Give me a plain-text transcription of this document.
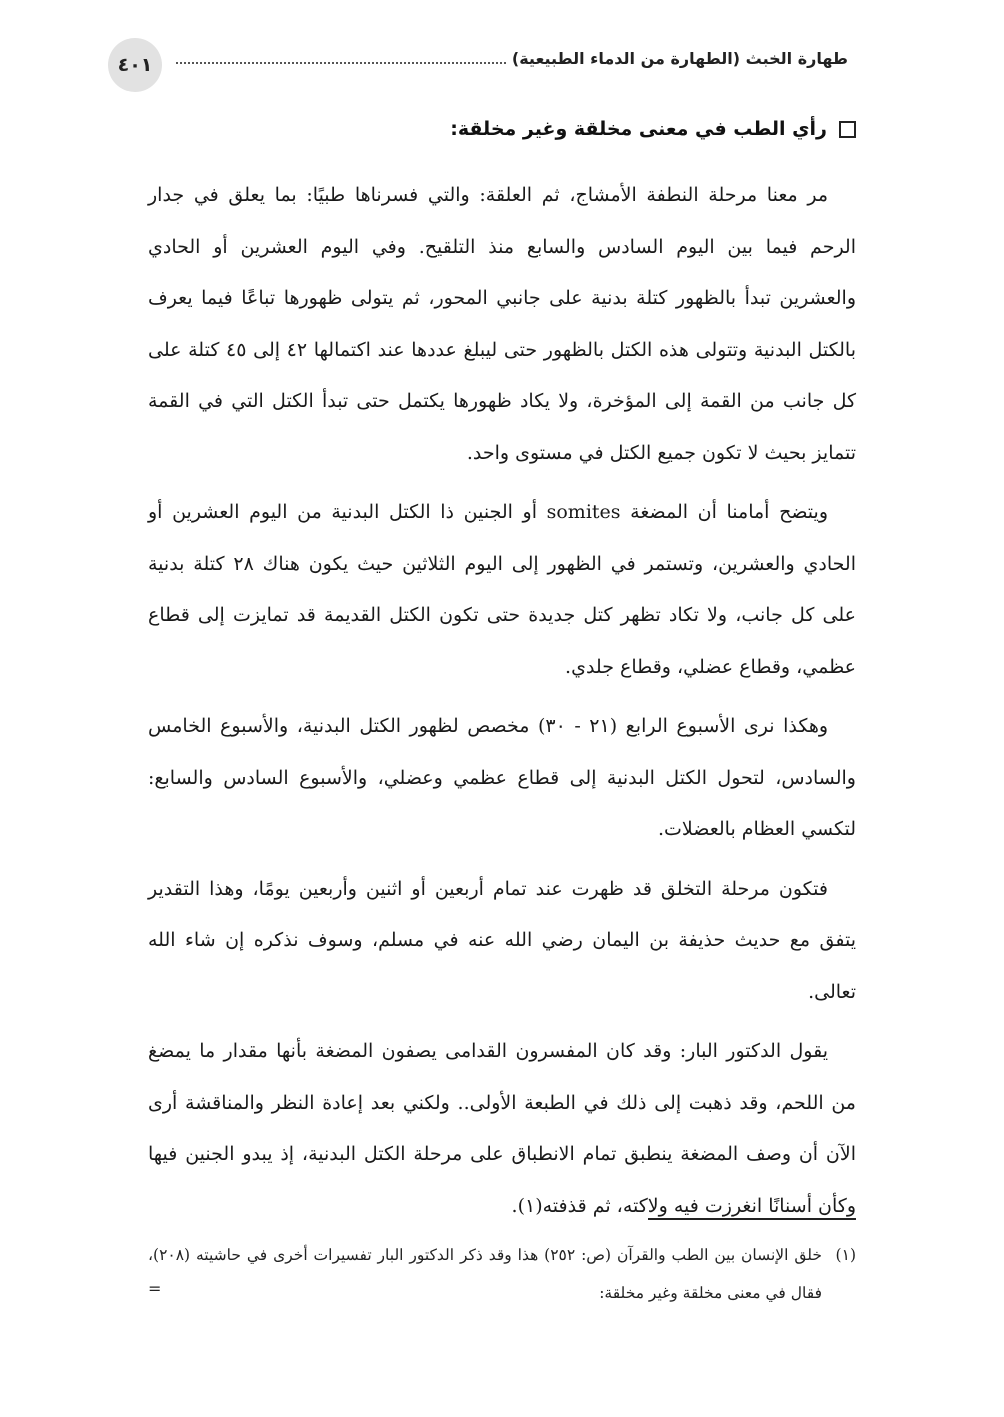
٤٠١	طهارة الخبث (الطهارة من الدماء الطبيعية)
رأي الطب في معنى مخلقة وغير مخلقة:

مر معنا مرحلة النطفة الأمشاج، ثم العلقة: والتي فسرناها طبيًا: بما يعلق في جدار الرحم فيما بين اليوم السادس والسابع منذ التلقيح. وفي اليوم العشرين أو الحادي والعشرين تبدأ بالظهور كتلة بدنية على جانبي المحور، ثم يتولى ظهورها تباعًا فيما يعرف بالكتل البدنية وتتولى هذه الكتل بالظهور حتى ليبلغ عددها عند اكتمالها ٤٢ إلى ٤٥ كتلة على كل جانب من القمة إلى المؤخرة، ولا يكاد ظهورها يكتمل حتى تبدأ الكتل التي في القمة تتمايز بحيث لا تكون جميع الكتل في مستوى واحد.

ويتضح أمامنا أن المضغة somites أو الجنين ذا الكتل البدنية من اليوم العشرين أو الحادي والعشرين، وتستمر في الظهور إلى اليوم الثلاثين حيث يكون هناك ٢٨ كتلة بدنية على كل جانب، ولا تكاد تظهر كتل جديدة حتى تكون الكتل القديمة قد تمايزت إلى قطاع عظمي، وقطاع عضلي، وقطاع جلدي.

وهكذا نرى الأسبوع الرابع (٢١ - ٣٠) مخصص لظهور الكتل البدنية، والأسبوع الخامس والسادس، لتحول الكتل البدنية إلى قطاع عظمي وعضلي، والأسبوع السادس والسابع: لتكسي العظام بالعضلات.

فتكون مرحلة التخلق قد ظهرت عند تمام أربعين أو اثنين وأربعين يومًا، وهذا التقدير يتفق مع حديث حذيفة بن اليمان رضي الله عنه في مسلم، وسوف نذكره إن شاء الله تعالى.

يقول الدكتور البار: وقد كان المفسرون القدامى يصفون المضغة بأنها مقدار ما يمضغ من اللحم، وقد ذهبت إلى ذلك في الطبعة الأولى.. ولكني بعد إعادة النظر والمناقشة أرى الآن أن وصف المضغة ينطبق تمام الانطباق على مرحلة الكتل البدنية، إذ يبدو الجنين فيها وكأن أسنانًا انغرزت فيه ولاكته، ثم قذفته(١).

(١)
خلق الإنسان بين الطب والقرآن (ص: ٢٥٢) هذا وقد ذكر الدكتور البار تفسيرات أخرى في حاشيته (٢٠٨)، فقال في معنى مخلقة وغير مخلقة:
=
